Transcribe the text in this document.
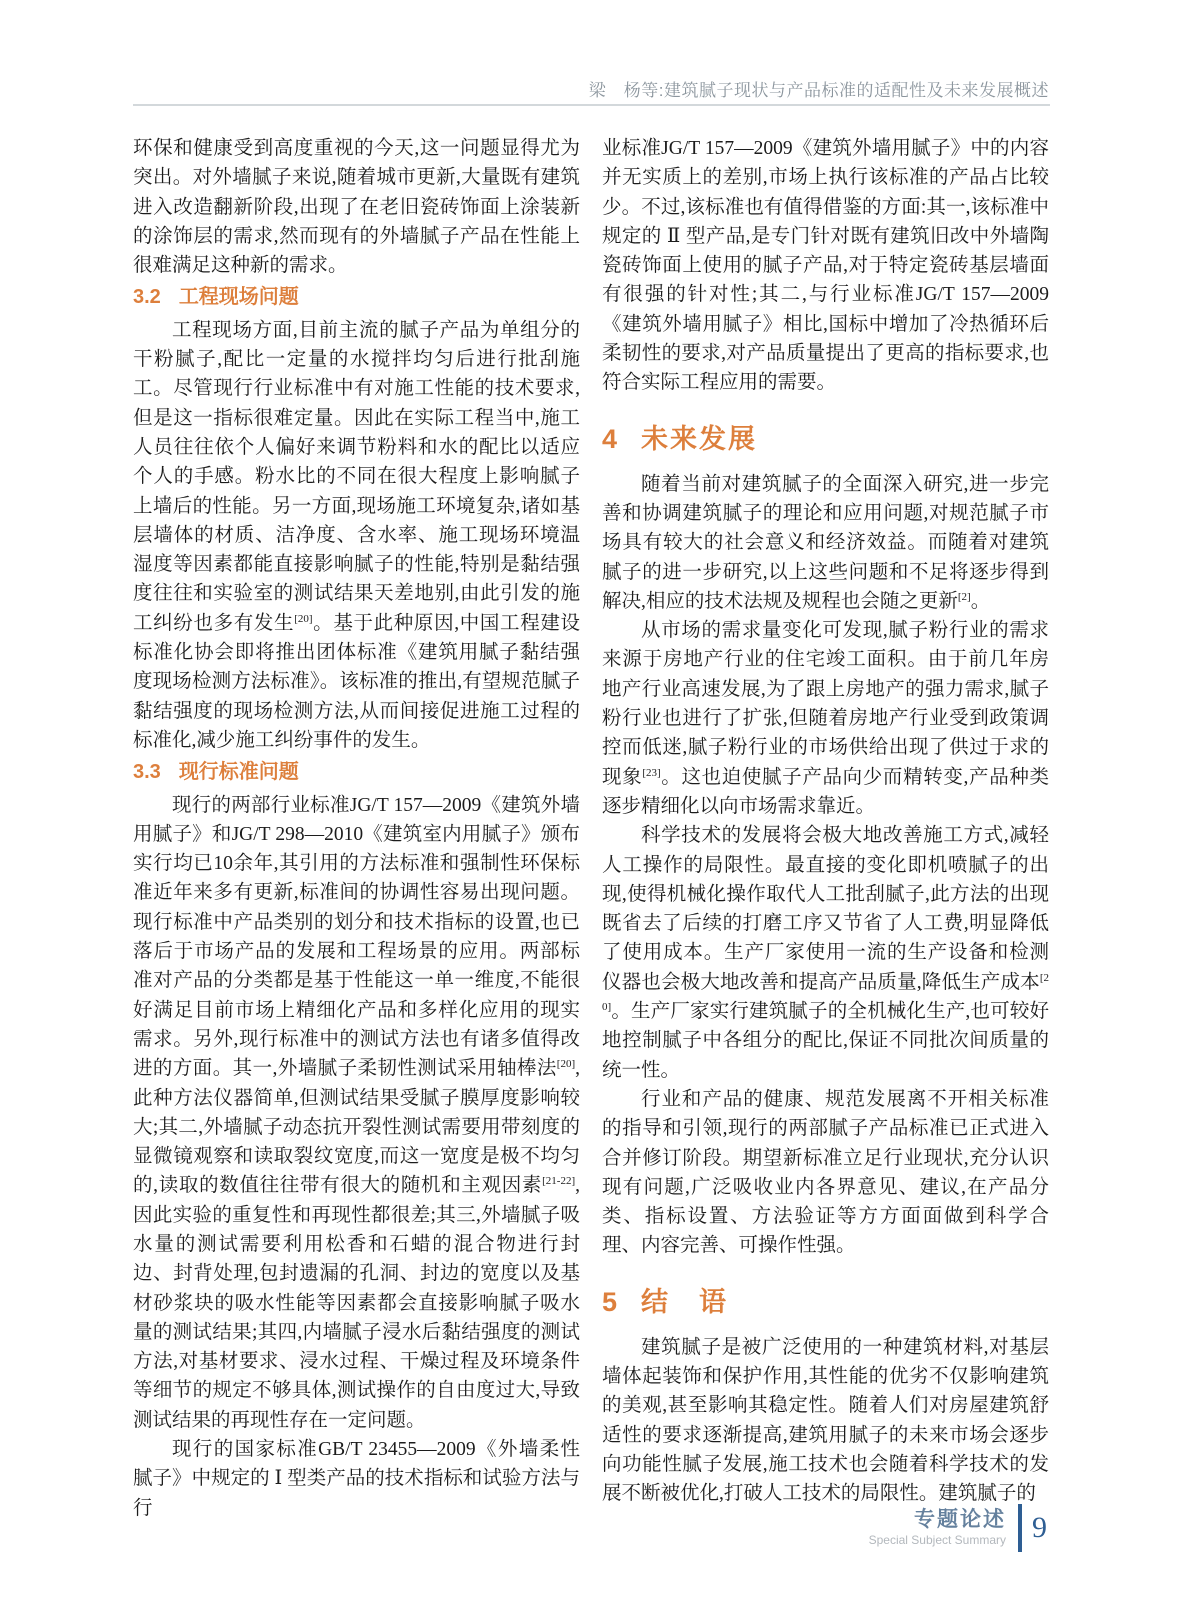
梁　杨等:建筑腻子现状与产品标准的适配性及未来发展概述

环保和健康受到高度重视的今天,这一问题显得尤为突出。对外墙腻子来说,随着城市更新,大量既有建筑进入改造翻新阶段,出现了在老旧瓷砖饰面上涂装新的涂饰层的需求,然而现有的外墙腻子产品在性能上很难满足这种新的需求。

3.2 工程现场问题

工程现场方面,目前主流的腻子产品为单组分的干粉腻子,配比一定量的水搅拌均匀后进行批刮施工。尽管现行行业标准中有对施工性能的技术要求,但是这一指标很难定量。因此在实际工程当中,施工人员往往依个人偏好来调节粉料和水的配比以适应个人的手感。粉水比的不同在很大程度上影响腻子上墙后的性能。另一方面,现场施工环境复杂,诸如基层墙体的材质、洁净度、含水率、施工现场环境温湿度等因素都能直接影响腻子的性能,特别是黏结强度往往和实验室的测试结果天差地别,由此引发的施工纠纷也多有发生[20]。基于此种原因,中国工程建设标准化协会即将推出团体标准《建筑用腻子黏结强度现场检测方法标准》。该标准的推出,有望规范腻子黏结强度的现场检测方法,从而间接促进施工过程的标准化,减少施工纠纷事件的发生。

3.3 现行标准问题

现行的两部行业标准JG/T 157—2009《建筑外墙用腻子》和JG/T 298—2010《建筑室内用腻子》颁布实行均已10余年,其引用的方法标准和强制性环保标准近年来多有更新,标准间的协调性容易出现问题。现行标准中产品类别的划分和技术指标的设置,也已落后于市场产品的发展和工程场景的应用。两部标准对产品的分类都是基于性能这一单一维度,不能很好满足目前市场上精细化产品和多样化应用的现实需求。另外,现行标准中的测试方法也有诸多值得改进的方面。其一,外墙腻子柔韧性测试采用轴棒法[20],此种方法仪器简单,但测试结果受腻子膜厚度影响较大;其二,外墙腻子动态抗开裂性测试需要用带刻度的显微镜观察和读取裂纹宽度,而这一宽度是极不均匀的,读取的数值往往带有很大的随机和主观因素[21-22],因此实验的重复性和再现性都很差;其三,外墙腻子吸水量的测试需要利用松香和石蜡的混合物进行封边、封背处理,包封遗漏的孔洞、封边的宽度以及基材砂浆块的吸水性能等因素都会直接影响腻子吸水量的测试结果;其四,内墙腻子浸水后黏结强度的测试方法,对基材要求、浸水过程、干燥过程及环境条件等细节的规定不够具体,测试操作的自由度过大,导致测试结果的再现性存在一定问题。

现行的国家标准GB/T 23455—2009《外墙柔性腻子》中规定的 Ⅰ 型类产品的技术指标和试验方法与行

业标准JG/T 157—2009《建筑外墙用腻子》中的内容并无实质上的差别,市场上执行该标准的产品占比较少。不过,该标准也有值得借鉴的方面:其一,该标准中规定的 Ⅱ 型产品,是专门针对既有建筑旧改中外墙陶瓷砖饰面上使用的腻子产品,对于特定瓷砖基层墙面有很强的针对性;其二,与行业标准JG/T 157—2009《建筑外墙用腻子》相比,国标中增加了冷热循环后柔韧性的要求,对产品质量提出了更高的指标要求,也符合实际工程应用的需要。

4 未来发展

随着当前对建筑腻子的全面深入研究,进一步完善和协调建筑腻子的理论和应用问题,对规范腻子市场具有较大的社会意义和经济效益。而随着对建筑腻子的进一步研究,以上这些问题和不足将逐步得到解决,相应的技术法规及规程也会随之更新[2]。

从市场的需求量变化可发现,腻子粉行业的需求来源于房地产行业的住宅竣工面积。由于前几年房地产行业高速发展,为了跟上房地产的强力需求,腻子粉行业也进行了扩张,但随着房地产行业受到政策调控而低迷,腻子粉行业的市场供给出现了供过于求的现象[23]。这也迫使腻子产品向少而精转变,产品种类逐步精细化以向市场需求靠近。

科学技术的发展将会极大地改善施工方式,减轻人工操作的局限性。最直接的变化即机喷腻子的出现,使得机械化操作取代人工批刮腻子,此方法的出现既省去了后续的打磨工序又节省了人工费,明显降低了使用成本。生产厂家使用一流的生产设备和检测仪器也会极大地改善和提高产品质量,降低生产成本[20]。生产厂家实行建筑腻子的全机械化生产,也可较好地控制腻子中各组分的配比,保证不同批次间质量的统一性。

行业和产品的健康、规范发展离不开相关标准的指导和引领,现行的两部腻子产品标准已正式进入合并修订阶段。期望新标准立足行业现状,充分认识现有问题,广泛吸收业内各界意见、建议,在产品分类、指标设置、方法验证等方方面面做到科学合理、内容完善、可操作性强。

5 结　语

建筑腻子是被广泛使用的一种建筑材料,对基层墙体起装饰和保护作用,其性能的优劣不仅影响建筑的美观,甚至影响其稳定性。随着人们对房屋建筑舒适性的要求逐渐提高,建筑用腻子的未来市场会逐步向功能性腻子发展,施工技术也会随着科学技术的发展不断被优化,打破人工技术的局限性。建筑腻子的

专题论述
Special Subject Summary 9
